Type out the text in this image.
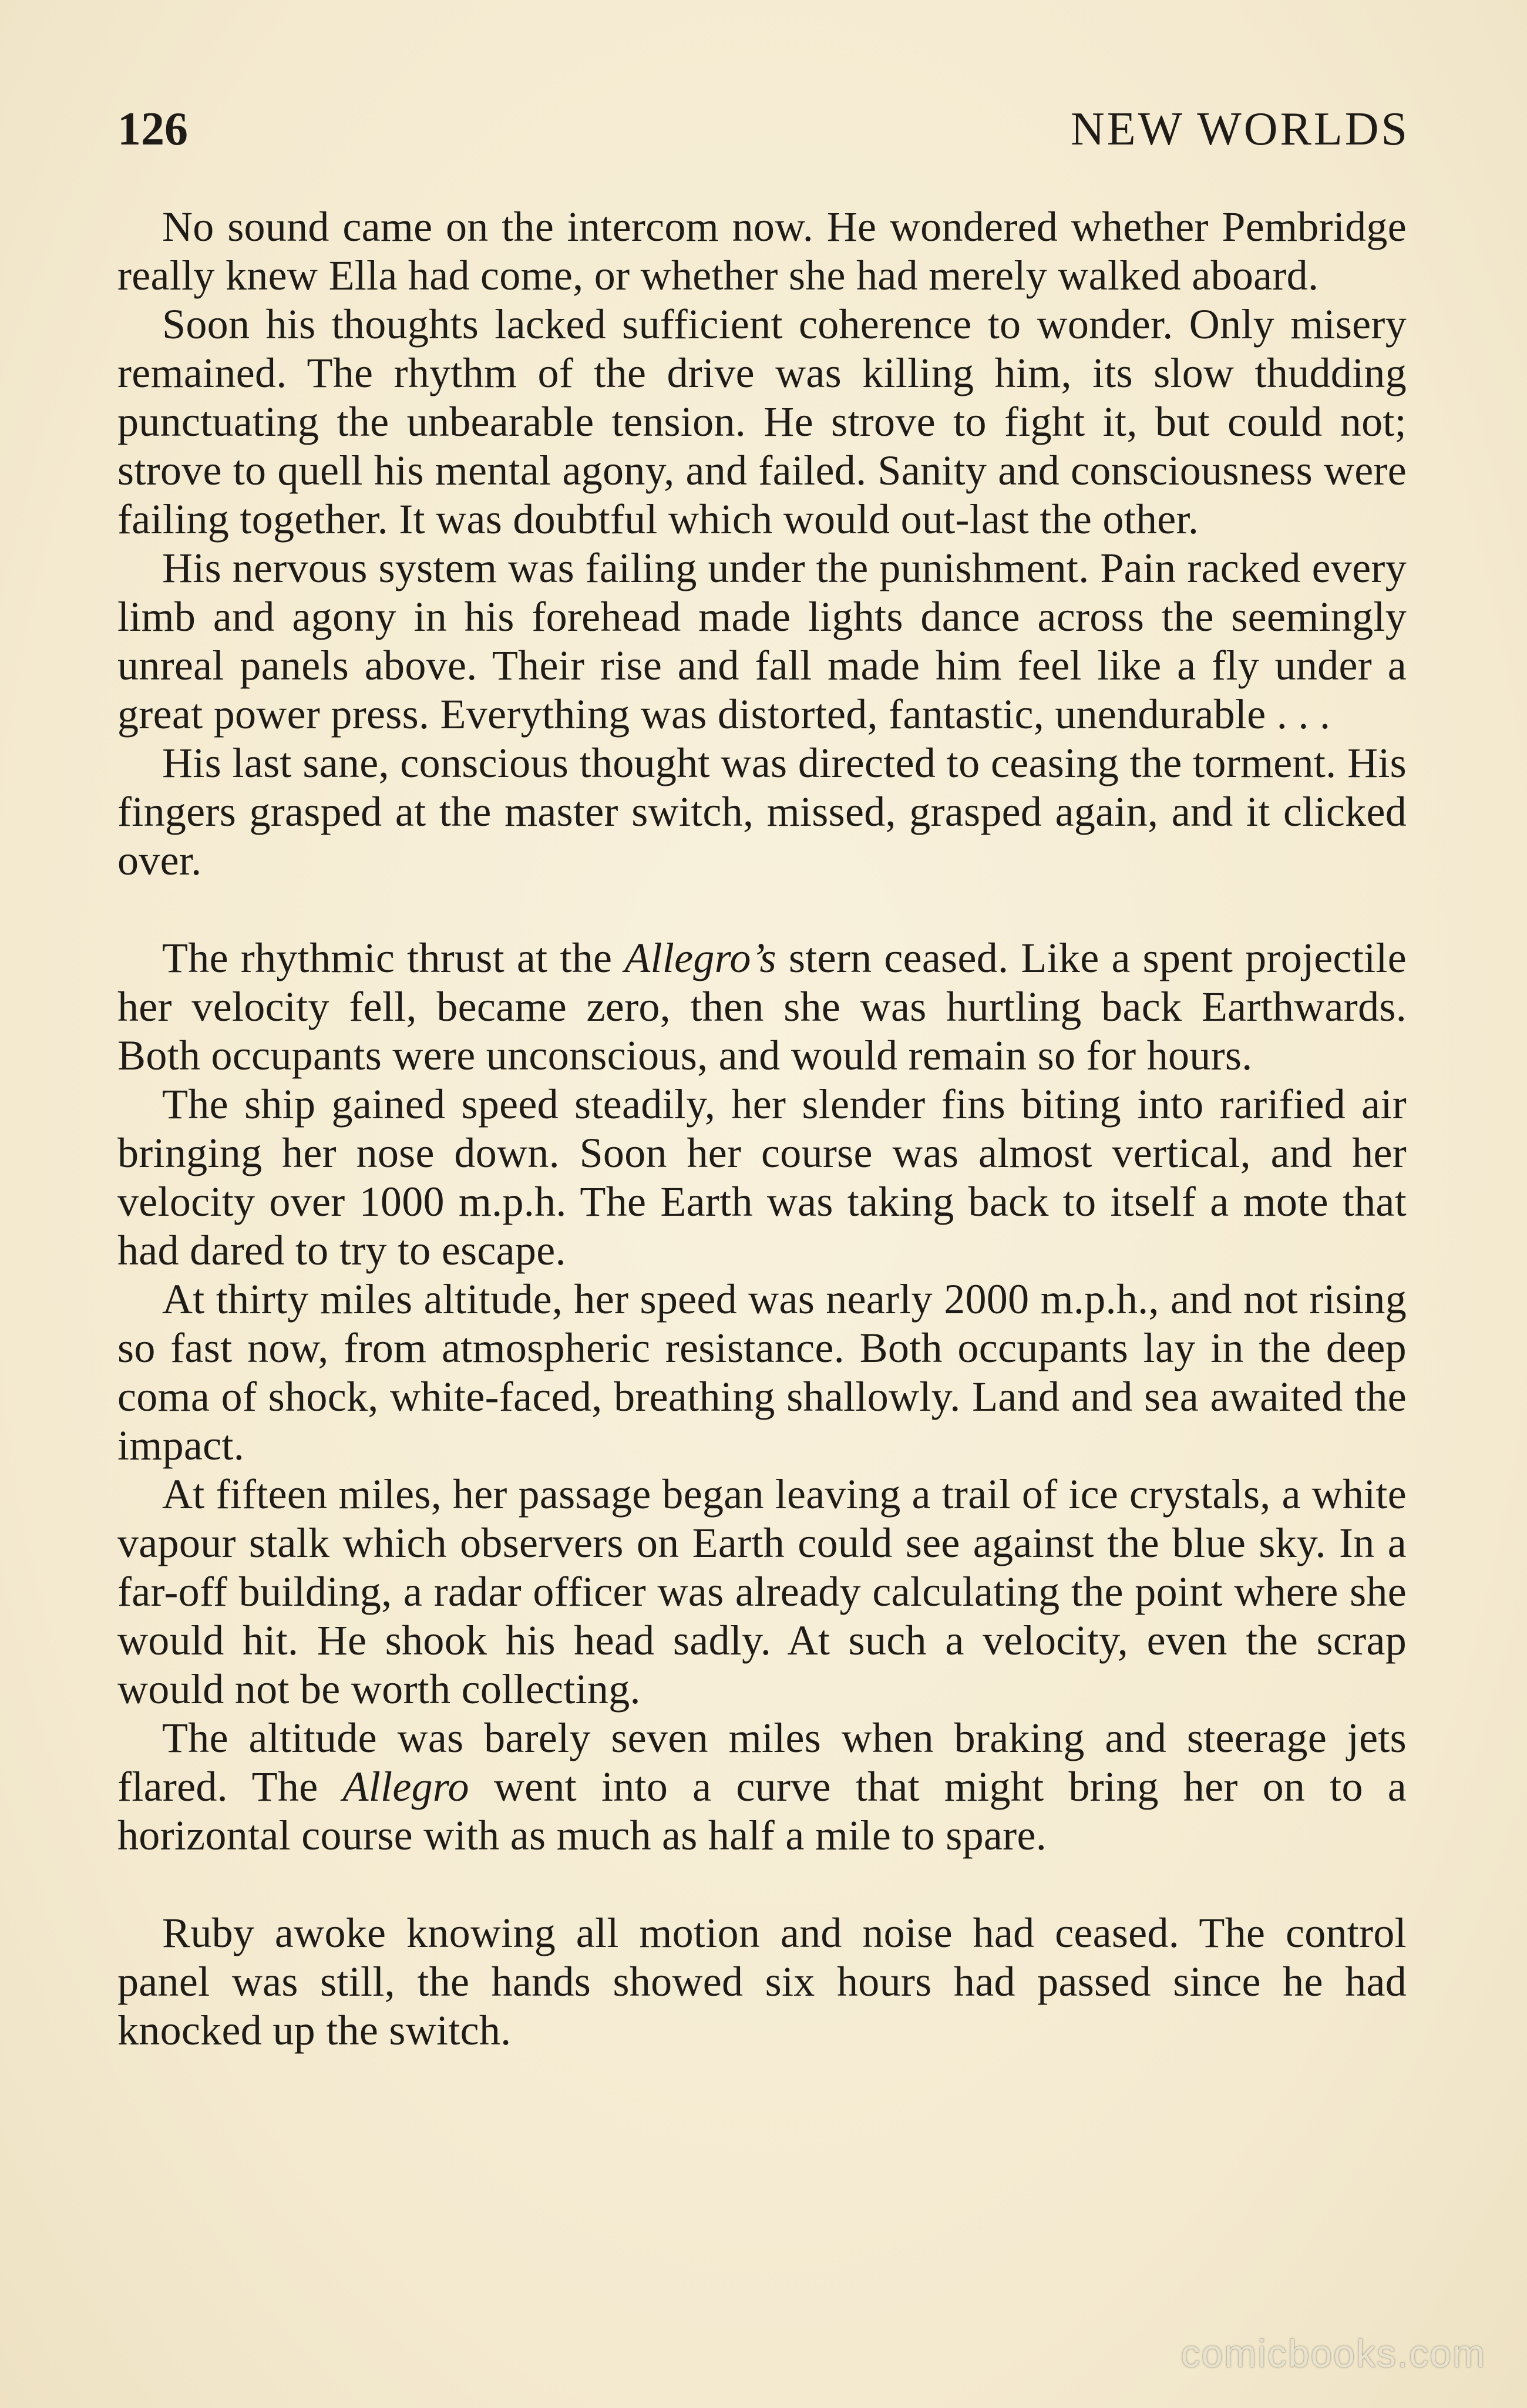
126	NEW WORLDS

No sound came on the intercom now. He wondered whether Pembridge really knew Ella had come, or whether she had merely walked aboard.

Soon his thoughts lacked sufficient coherence to wonder. Only misery remained. The rhythm of the drive was killing him, its slow thudding punctuating the unbearable tension. He strove to fight it, but could not; strove to quell his mental agony, and failed. Sanity and consciousness were failing together. It was doubtful which would out-last the other.

His nervous system was failing under the punishment. Pain racked every limb and agony in his forehead made lights dance across the seemingly unreal panels above. Their rise and fall made him feel like a fly under a great power press. Everything was distorted, fantastic, unendurable . . .

His last sane, conscious thought was directed to ceasing the torment. His fingers grasped at the master switch, missed, grasped again, and it clicked over.

The rhythmic thrust at the Allegro’s stern ceased. Like a spent projectile her velocity fell, became zero, then she was hurtling back Earthwards. Both occupants were unconscious, and would remain so for hours.

The ship gained speed steadily, her slender fins biting into rarified air bringing her nose down. Soon her course was almost vertical, and her velocity over 1000 m.p.h. The Earth was taking back to itself a mote that had dared to try to escape.

At thirty miles altitude, her speed was nearly 2000 m.p.h., and not rising so fast now, from atmospheric resistance. Both occupants lay in the deep coma of shock, white-faced, breathing shallowly. Land and sea awaited the impact.

At fifteen miles, her passage began leaving a trail of ice crystals, a white vapour stalk which observers on Earth could see against the blue sky. In a far-off building, a radar officer was already calculating the point where she would hit. He shook his head sadly. At such a velocity, even the scrap would not be worth collecting.

The altitude was barely seven miles when braking and steerage jets flared. The Allegro went into a curve that might bring her on to a horizontal course with as much as half a mile to spare.

Ruby awoke knowing all motion and noise had ceased. The control panel was still, the hands showed six hours had passed since he had knocked up the switch.

comicbooks.com
